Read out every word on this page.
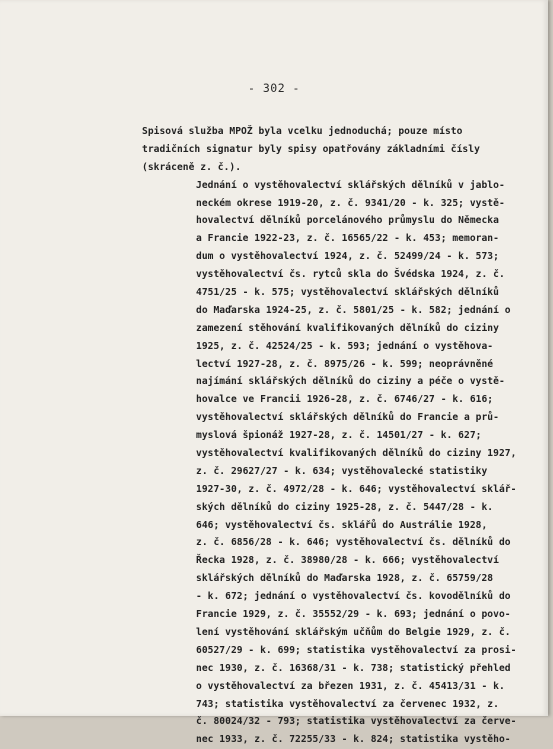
- 302 -
Spisová služba MPOŽ byla vcelku jednoduchá; pouze místo
tradičních signatur byly spisy opatřovány základními čísly
(skráceně z. č.).
Jednání o vystěhovalectví sklářských dělníků v jablo-
neckém okrese 1919-20, z. č. 9341/20 - k. 325; vystě-
hovalectví dělníků porcelánového průmyslu do Německa
a Francie 1922-23, z. č. 16565/22 - k. 453; memoran-
dum o vystěhovalectví 1924, z. č. 52499/24 - k. 573;
vystěhovalectví čs. rytců skla do Švédska 1924, z. č.
4751/25 - k. 575; vystěhovalectví sklářských dělníků
do Maďarska 1924-25, z. č. 5801/25 - k. 582; jednání o
zamezení stěhování kvalifikovaných dělníků do ciziny
1925, z. č. 42524/25 - k. 593; jednání o vystěhova-
lectví 1927-28, z. č. 8975/26 - k. 599; neoprávněné
najímání sklářských dělníků do ciziny a péče o vystě-
hovalce ve Francii 1926-28, z. č. 6746/27 - k. 616;
vystěhovalectví sklářských dělníků do Francie a prů-
myslová špionáž 1927-28, z. č. 14501/27 - k. 627;
vystěhovalectví kvalifikovaných dělníků do ciziny 1927,
z. č. 29627/27 - k. 634; vystěhovalecké statistiky
1927-30, z. č. 4972/28 - k. 646; vystěhovalectví sklář-
ských dělníků do ciziny 1925-28, z. č. 5447/28 - k.
646; vystěhovalectví čs. sklářů do Austrálie 1928,
z. č. 6856/28 - k. 646; vystěhovalectví čs. dělníků do
Řecka 1928, z. č. 38980/28 - k. 666; vystěhovalectví
sklářských dělníků do Maďarska 1928, z. č. 65759/28
- k. 672; jednání o vystěhovalectví čs. kovodělníků do
Francie 1929, z. č. 35552/29 - k. 693; jednání o povo-
lení vystěhování sklářským učňům do Belgie 1929, z. č.
60527/29 - k. 699; statistika vystěhovalectví za prosi-
nec 1930, z. č. 16368/31 - k. 738; statistický přehled
o vystěhovalectví za březen 1931, z. č. 45413/31 - k.
743; statistika vystěhovalectví za červenec 1932, z.
č. 80024/32 - 793; statistika vystěhovalectví za červe-
nec 1933, z. č. 72255/33 - k. 824; statistika vystěho-
